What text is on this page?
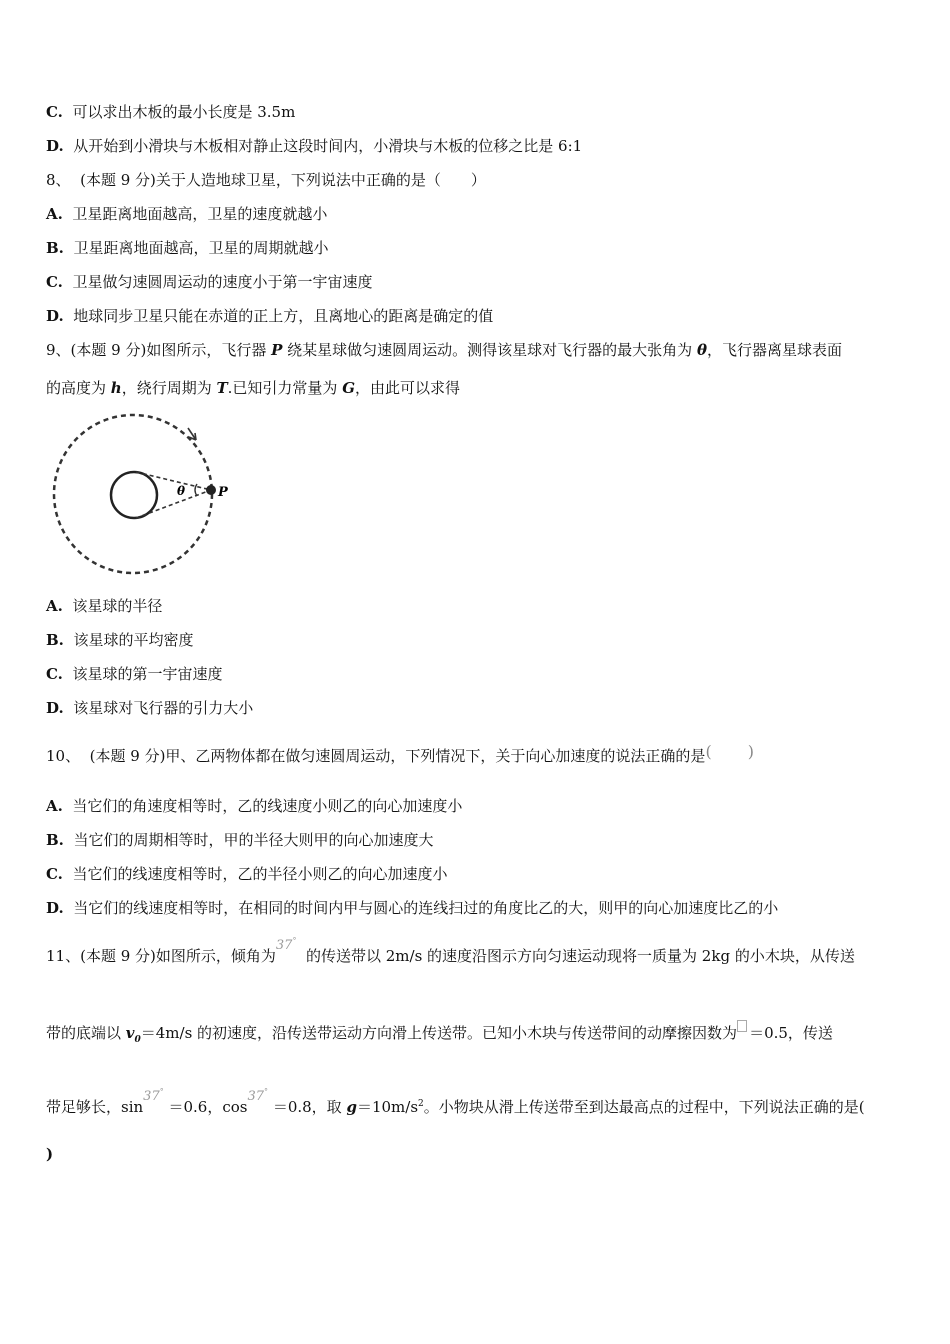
C. 可以求出木板的最小长度是 3.5m
D. 从开始到小滑块与木板相对静止这段时间内，小滑块与木板的位移之比是 6:1
8、 (本题 9 分)关于人造地球卫星，下列说法中正确的是（　　）
A. 卫星距离地面越高，卫星的速度就越小
B. 卫星距离地面越高，卫星的周期就越小
C. 卫星做匀速圆周运动的速度小于第一宇宙速度
D. 地球同步卫星只能在赤道的正上方，且离地心的距离是确定的值
9、(本题 9 分)如图所示，飞行器 P 绕某星球做匀速圆周运动。测得该星球对飞行器的最大张角为 θ，飞行器离星球表面
的高度为 h，绕行周期为 T.已知引力常量为 G，由此可以求得
θ	P
A. 该星球的半径
B. 该星球的平均密度
C. 该星球的第一宇宙速度
D. 该星球对飞行器的引力大小
10、 (本题 9 分)甲、乙两物体都在做匀速圆周运动，下列情况下，关于向心加速度的说法正确的是( )
A. 当它们的角速度相等时，乙的线速度小则乙的向心加速度小
B. 当它们的周期相等时，甲的半径大则甲的向心加速度大
C. 当它们的线速度相等时，乙的半径小则乙的向心加速度小
D. 当它们的线速度相等时，在相同的时间内甲与圆心的连线扫过的角度比乙的大，则甲的向心加速度比乙的小
11、(本题 9 分)如图所示，倾角为37°  的传送带以 2m/s 的速度沿图示方向匀速运动现将一质量为 2kg 的小木块，从传送
带的底端以 $v_0=4m/s$ 的初速度，沿传送带运动方向滑上传送带。已知小木块与传送带间的动摩擦因数为 ＝0.5，传送
带足够长，sin37° ＝0.6，cos37° ＝0.8，取 $g=10m/s^2$。小物块从滑上传送带至到达最高点的过程中，下列说法正确的是(
)
